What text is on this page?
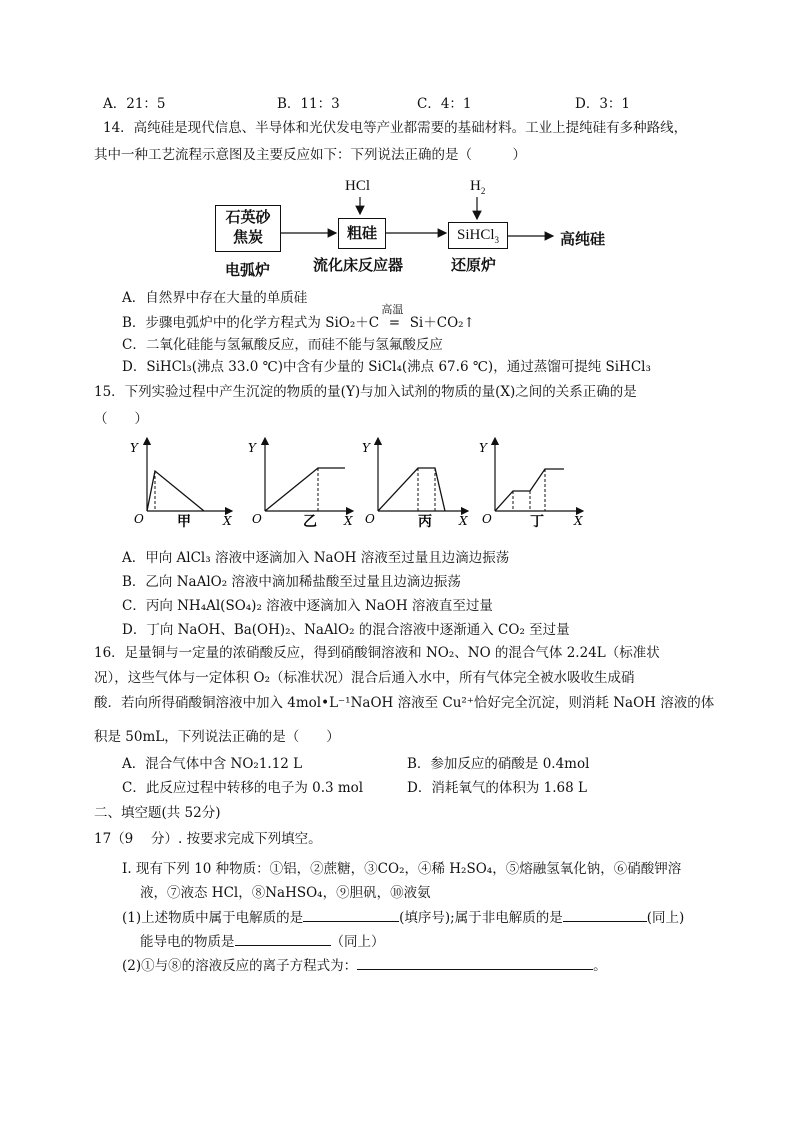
A．21：5	B．11：3	C．4：1	D．3：1
14．高纯硅是现代信息、半导体和光伏发电等产业都需要的基础材料。工业上提纯硅有多种路线，
其中一种工艺流程示意图及主要反应如下：下列说法正确的是（　　　）
石英砂
焦炭
电弧炉
HCl
粗硅
流化床反应器
$H_2$
SiHCl$_3$
还原炉
高纯硅
A．自然界中存在大量的单质硅
B．步骤电弧炉中的化学方程式为 SiO₂＋C
高温
= Si＋CO₂↑
C．二氧化硅能与氢氟酸反应，而硅不能与氢氟酸反应
D．SiHCl₃(沸点 33.0 ℃)中含有少量的 SiCl₄(沸点 67.6 ℃)，通过蒸馏可提纯 SiHCl₃
15．下列实验过程中产生沉淀的物质的量(Y)与加入试剂的物质的量(X)之间的关系正确的是
（　　）
Y
O	X
甲
Y
O	X
乙
Y
O	X
丙
Y
O	X
丁
A．甲向 AlCl₃ 溶液中逐滴加入 NaOH 溶液至过量且边滴边振荡
B．乙向 NaAlO₂ 溶液中滴加稀盐酸至过量且边滴边振荡
C．丙向 NH₄Al(SO₄)₂ 溶液中逐滴加入 NaOH 溶液直至过量
D．丁向 NaOH、Ba(OH)₂、NaAlO₂ 的混合溶液中逐渐通入 CO₂ 至过量
16．足量铜与一定量的浓硝酸反应，得到硝酸铜溶液和 NO₂、NO 的混合气体 2.24L（标准状
况），这些气体与一定体积 O₂（标准状况）混合后通入水中，所有气体完全被水吸收生成硝
酸．若向所得硝酸铜溶液中加入 4mol•L⁻¹NaOH 溶液至 Cu²⁺恰好完全沉淀，则消耗 NaOH 溶液的体
积是 50mL，下列说法正确的是（　　）
A．混合气体中含 NO₂1.12 L	B．参加反应的硝酸是 0.4mol
C．此反应过程中转移的电子为 0.3 mol	D．消耗氧气的体积为 1.68 L
二、填空题(共 52分)
17（9　 分）. 按要求完成下列填空。
I. 现有下列 10 种物质：①铝，②蔗糖，③CO₂，④稀 H₂SO₄，⑤熔融氢氧化钠，⑥硝酸钾溶
液，⑦液态 HCl，⑧NaHSO₄，⑨胆矾，⑩液氨
(1)上述物质中属于电解质的是	(填序号);属于非电解质的是	(同上)
能导电的物质是	（同上）
(2)①与⑧的溶液反应的离子方程式为：	。
